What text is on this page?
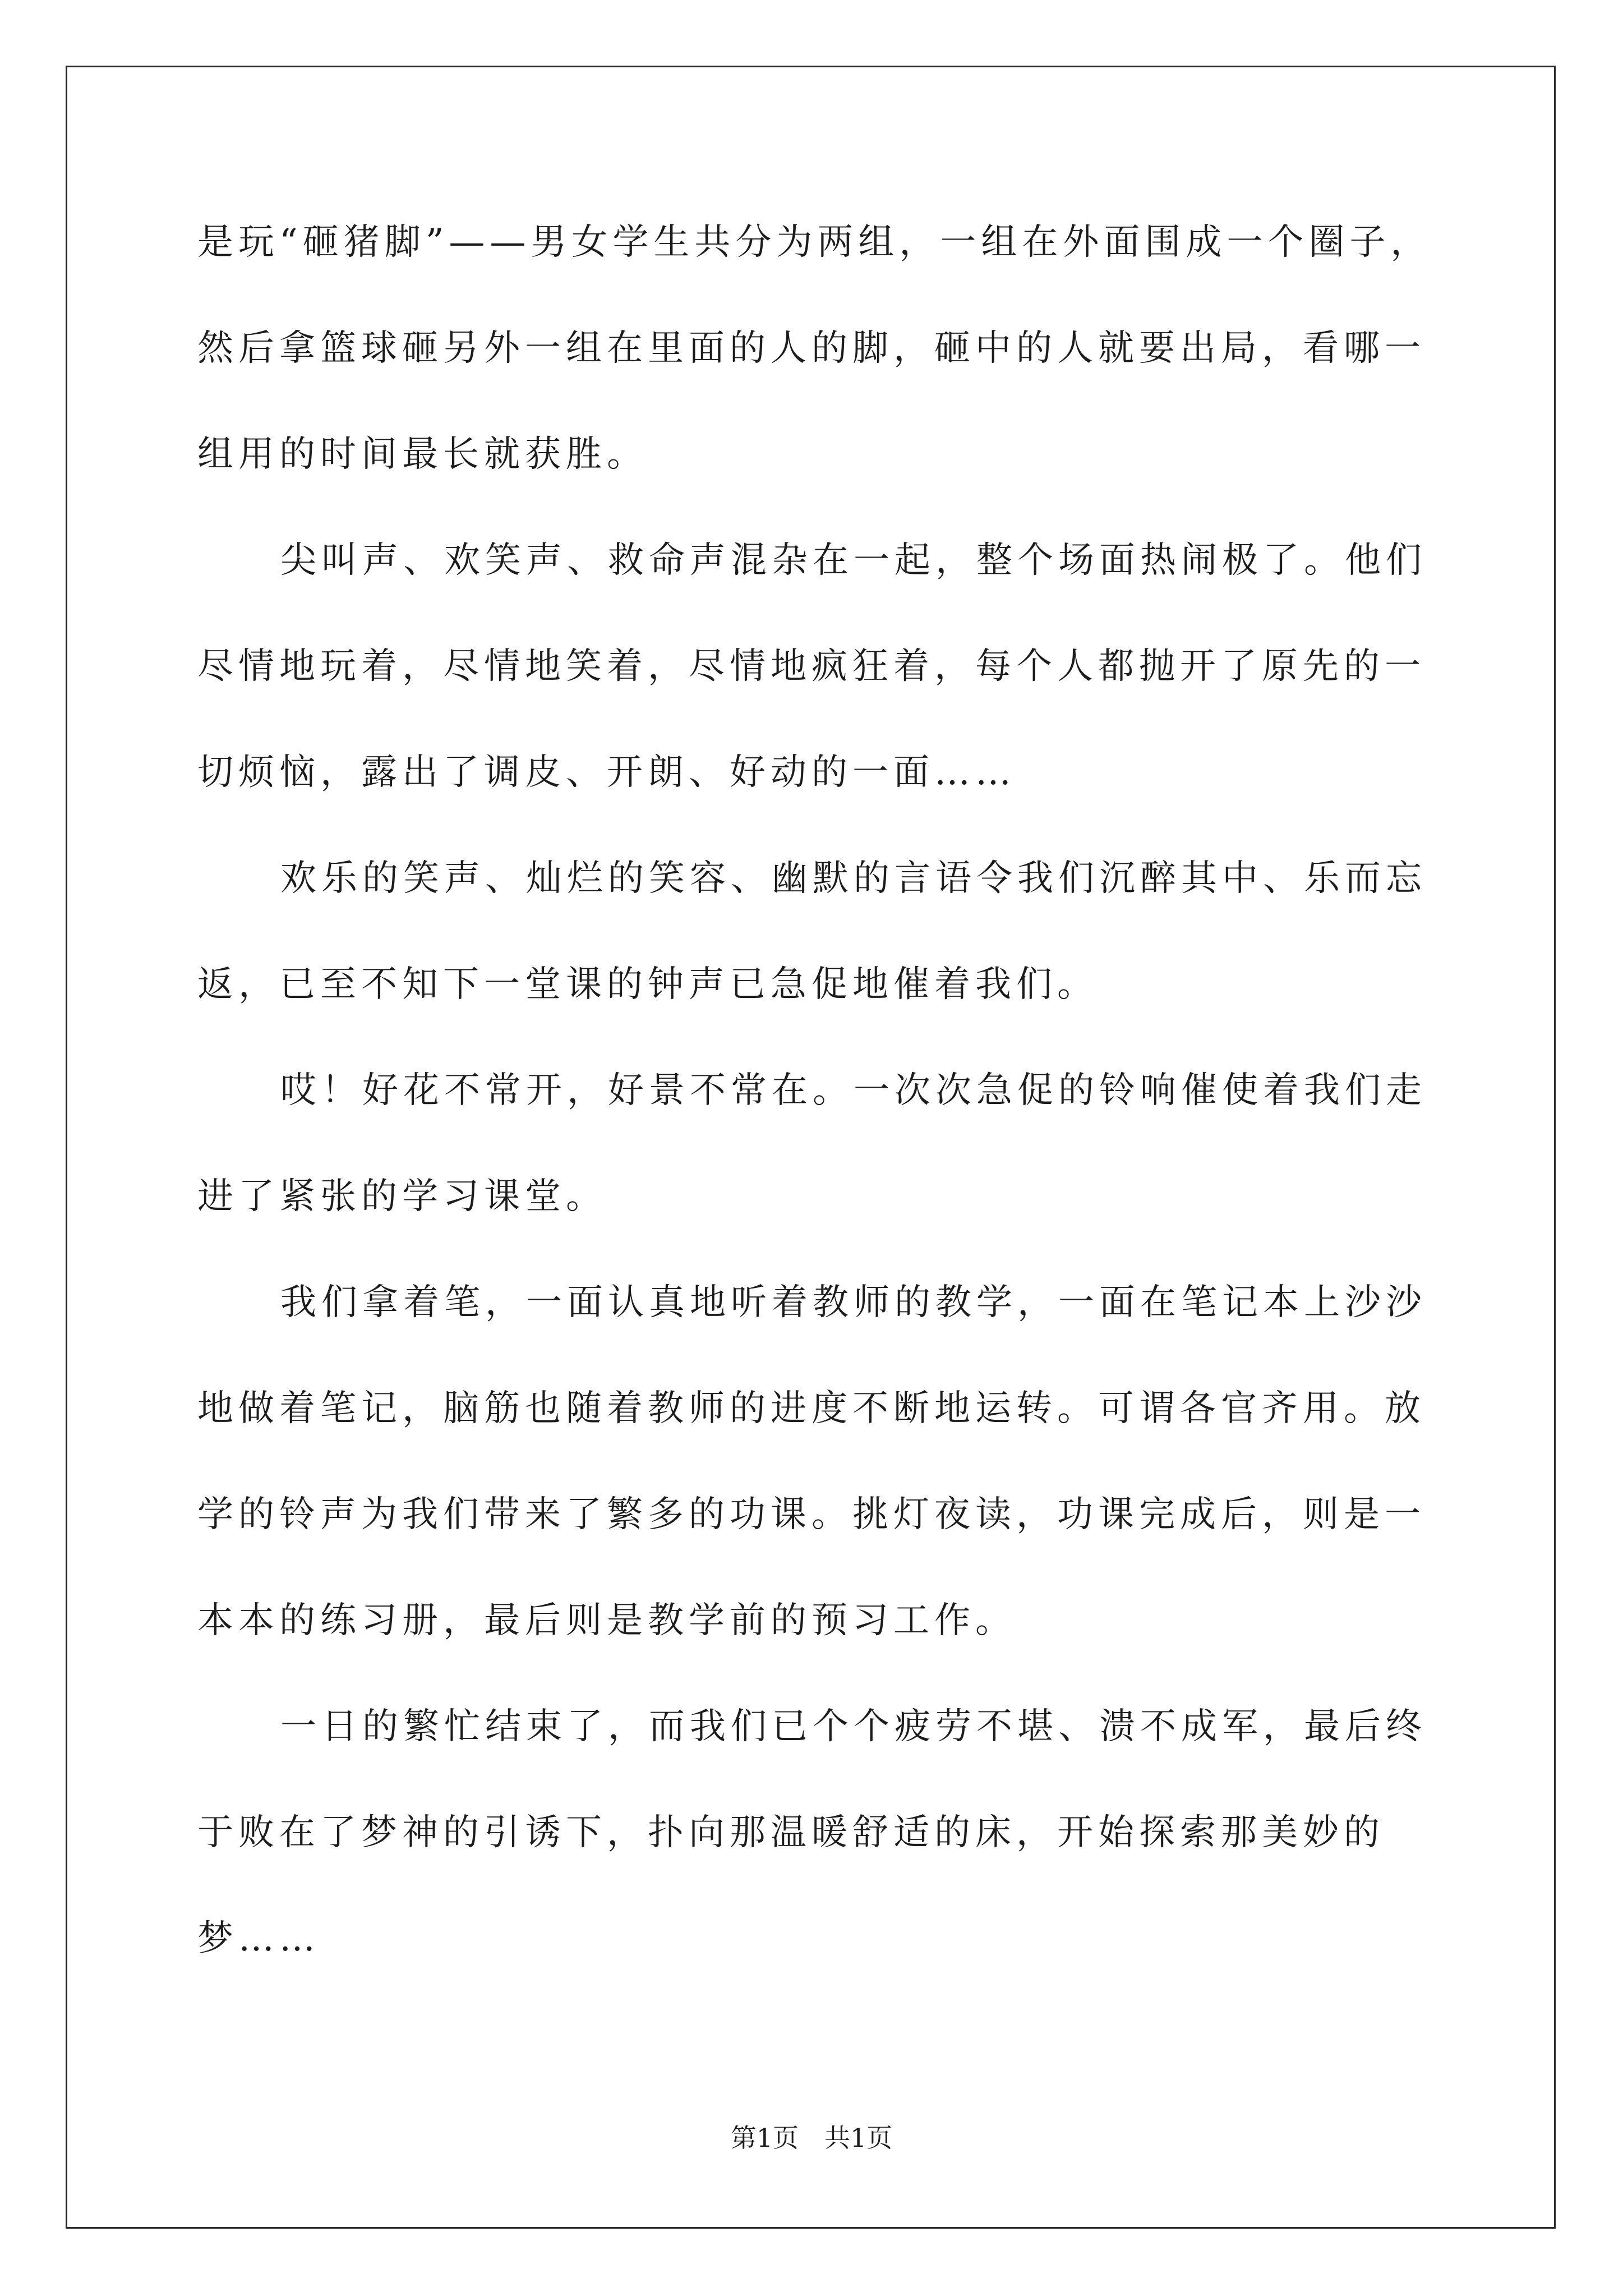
是玩“砸猪脚”——男女学生共分为两组，一组在外面围成一个圈子，
然后拿篮球砸另外一组在里面的人的脚，砸中的人就要出局，看哪一
组用的时间最长就获胜。
尖叫声、欢笑声、救命声混杂在一起，整个场面热闹极了。他们
尽情地玩着，尽情地笑着，尽情地疯狂着，每个人都抛开了原先的一
切烦恼，露出了调皮、开朗、好动的一面……
欢乐的笑声、灿烂的笑容、幽默的言语令我们沉醉其中、乐而忘
返，已至不知下一堂课的钟声已急促地催着我们。
哎！好花不常开，好景不常在。一次次急促的铃响催使着我们走
进了紧张的学习课堂。
我们拿着笔，一面认真地听着教师的教学，一面在笔记本上沙沙
地做着笔记，脑筋也随着教师的进度不断地运转。可谓各官齐用。放
学的铃声为我们带来了繁多的功课。挑灯夜读，功课完成后，则是一
本本的练习册，最后则是教学前的预习工作。
一日的繁忙结束了，而我们已个个疲劳不堪、溃不成军，最后终
于败在了梦神的引诱下，扑向那温暖舒适的床，开始探索那美妙的
梦……
第1页　共1页
